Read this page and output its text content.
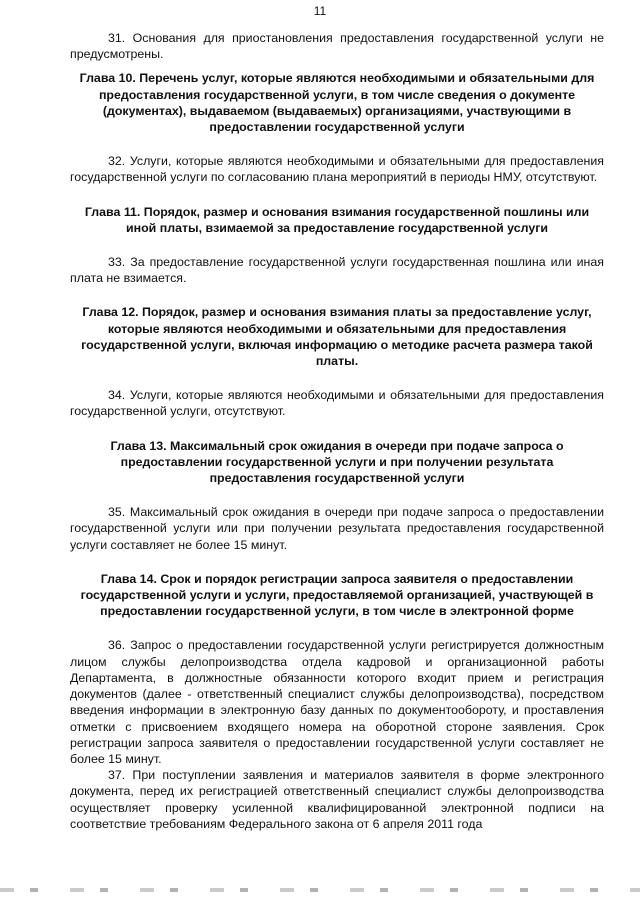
11

31. Основания для приостановления предоставления государственной услуги не предусмотрены.

Глава 10. Перечень услуг, которые являются необходимыми и обязательными для предоставления государственной услуги, в том числе сведения о документе (документах), выдаваемом (выдаваемых) организациями, участвующими в предоставлении государственной услуги

32. Услуги, которые являются необходимыми и обязательными для предоставления государственной услуги по согласованию плана мероприятий в периоды НМУ, отсутствуют.

Глава 11. Порядок, размер и основания взимания государственной пошлины или иной платы, взимаемой за предоставление государственной услуги

33. За предоставление государственной услуги государственная пошлина или иная плата не взимается.

Глава 12. Порядок, размер и основания взимания платы за предоставление услуг, которые являются необходимыми и обязательными для предоставления государственной услуги, включая информацию о методике расчета размера такой платы.

34. Услуги, которые являются необходимыми и обязательными для предоставления государственной услуги, отсутствуют.

Глава 13. Максимальный срок ожидания в очереди при подаче запроса о предоставлении государственной услуги и при получении результата предоставления государственной услуги

35. Максимальный срок ожидания в очереди при подаче запроса о предоставлении государственной услуги или при получении результата предоставления государственной услуги составляет не более 15 минут.

Глава 14. Срок и порядок регистрации запроса заявителя о предоставлении государственной услуги и услуги, предоставляемой организацией, участвующей в предоставлении государственной услуги, в том числе в электронной форме

36. Запрос о предоставлении государственной услуги регистрируется должностным лицом службы делопроизводства отдела кадровой и организационной работы Департамента, в должностные обязанности которого входит прием и регистрация документов (далее - ответственный специалист службы делопроизводства), посредством введения информации в электронную базу данных по документообороту, и проставления отметки с присвоением входящего номера на оборотной стороне заявления. Срок регистрации запроса заявителя о предоставлении государственной услуги составляет не более 15 минут.

37. При поступлении заявления и материалов заявителя в форме электронного документа, перед их регистрацией ответственный специалист службы делопроизводства осуществляет проверку усиленной квалифицированной электронной подписи на соответствие требованиям Федерального закона от 6 апреля 2011 года
